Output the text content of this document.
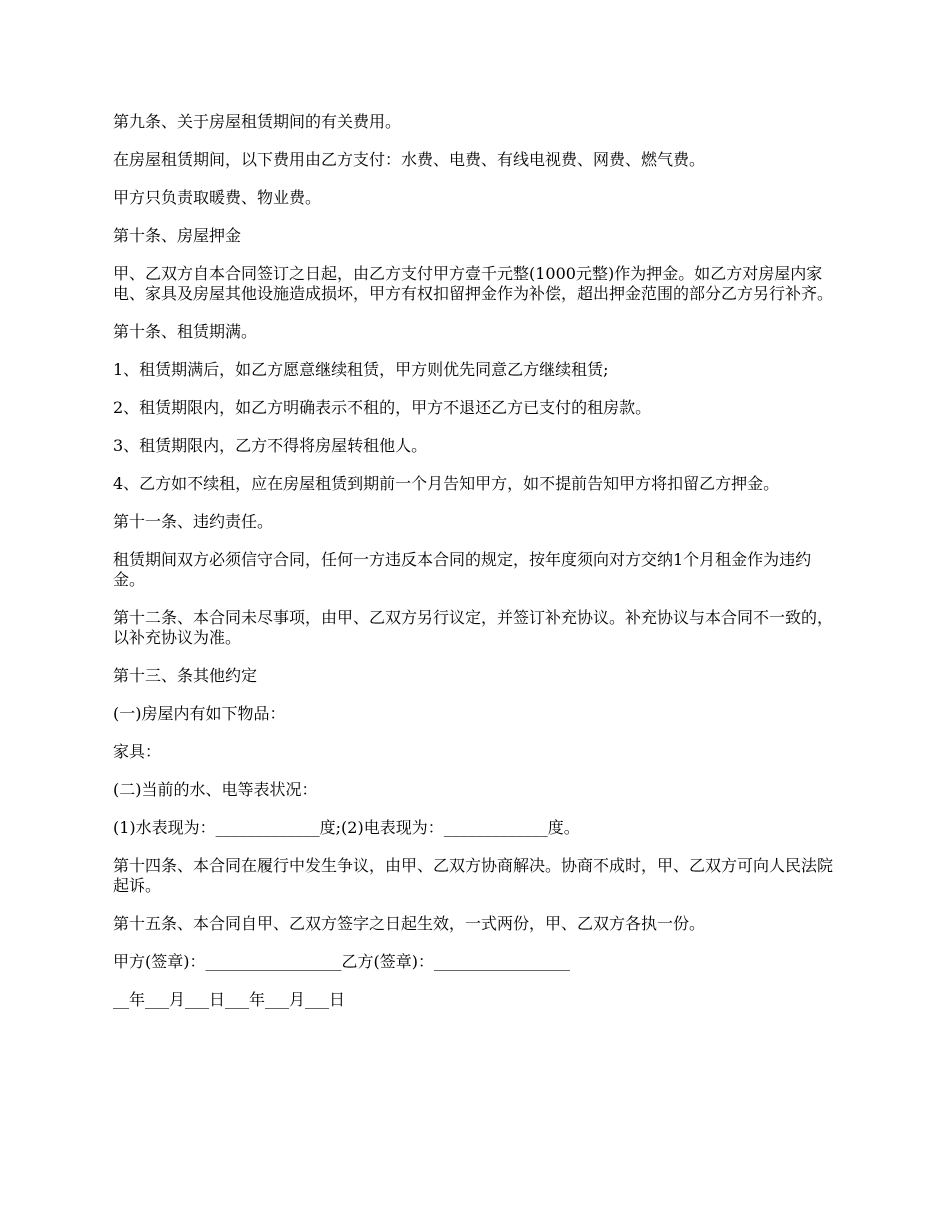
第九条、关于房屋租赁期间的有关费用。

在房屋租赁期间，以下费用由乙方支付：水费、电费、有线电视费、网费、燃气费。

甲方只负责取暖费、物业费。

第十条、房屋押金

甲、乙双方自本合同签订之日起，由乙方支付甲方壹千元整(1000元整)作为押金。如乙方对房屋内家电、家具及房屋其他设施造成损坏，甲方有权扣留押金作为补偿，超出押金范围的部分乙方另行补齐。

第十条、租赁期满。

1、租赁期满后，如乙方愿意继续租赁，甲方则优先同意乙方继续租赁;

2、租赁期限内，如乙方明确表示不租的，甲方不退还乙方已支付的租房款。

3、租赁期限内，乙方不得将房屋转租他人。

4、乙方如不续租，应在房屋租赁到期前一个月告知甲方，如不提前告知甲方将扣留乙方押金。

第十一条、违约责任。

租赁期间双方必须信守合同，任何一方违反本合同的规定，按年度须向对方交纳1个月租金作为违约金。

第十二条、本合同未尽事项，由甲、乙双方另行议定，并签订补充协议。补充协议与本合同不一致的，以补充协议为准。

第十三、条其他约定

(一)房屋内有如下物品：

家具：

(二)当前的水、电等表状况：

(1)水表现为：_____________度;(2)电表现为：_____________度。

第十四条、本合同在履行中发生争议，由甲、乙双方协商解决。协商不成时，甲、乙双方可向人民法院起诉。

第十五条、本合同自甲、乙双方签字之日起生效，一式两份，甲、乙双方各执一份。

甲方(签章)：_________________乙方(签章)：_________________

__年___月___日___年___月___日
